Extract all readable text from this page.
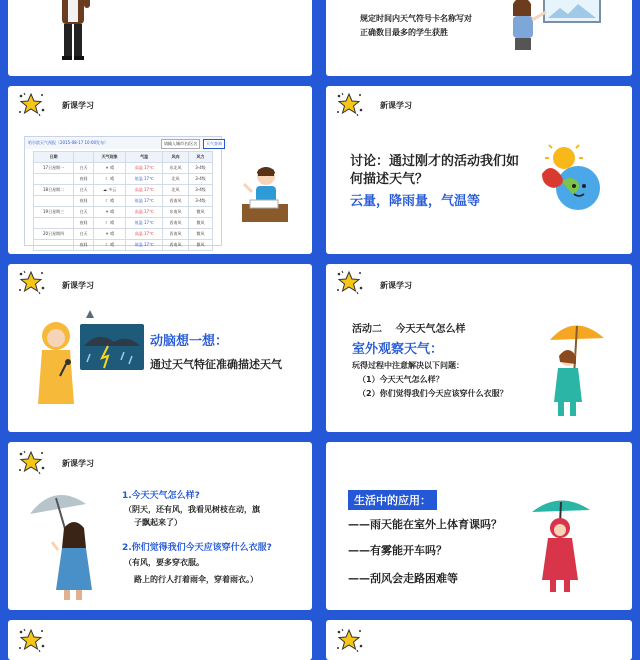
规定时间内天气符号卡名称写对
正确数目最多的学生获胜
新课学习
哈尔滨天气预报（2015-08-17 10:00发布）	请输入城市名/区名	天气查询
日期		天气现象	气温	风向	风力
17日星期一	白天	☀ 晴	高温 17℃	东北风	3-4级
	夜间	☾ 晴	低温 17℃	北风	3-4级
18日星期二	白天	☁ 多云	高温 17℃	北风	3-4级
	夜间	☾ 晴	低温 17℃	西南风	3-4级
19日星期三	白天	☀ 晴	高温 17℃	东南风	微风
	夜间	☾ 晴	低温 17℃	西南风	微风
20日星期四	白天	☀ 晴	高温 17℃	西南风	微风
	夜间	☾ 晴	低温 17℃	西南风	微风
新课学习
讨论：通过刚才的活动我们如
何描述天气？
云量，降雨量，气温等
新课学习
动脑想一想：
通过天气特征准确描述天气
新课学习
活动二　 今天天气怎么样
室外观察天气：
玩得过程中注意解决以下问题：
（1）今天天气怎么样？
（2）你们觉得我们今天应该穿什么衣服？
新课学习
1.今天天气怎么样?
（阴天，还有风，我看见树枝在动，旗
子飘起来了）
2.你们觉得我们今天应该穿什么衣服?
（有风，要多穿衣服。
路上的行人打着雨伞，穿着雨衣。）
生活中的应用：
——雨天能在室外上体育课吗？
——有雾能开车吗？
——刮风会走路困难等
